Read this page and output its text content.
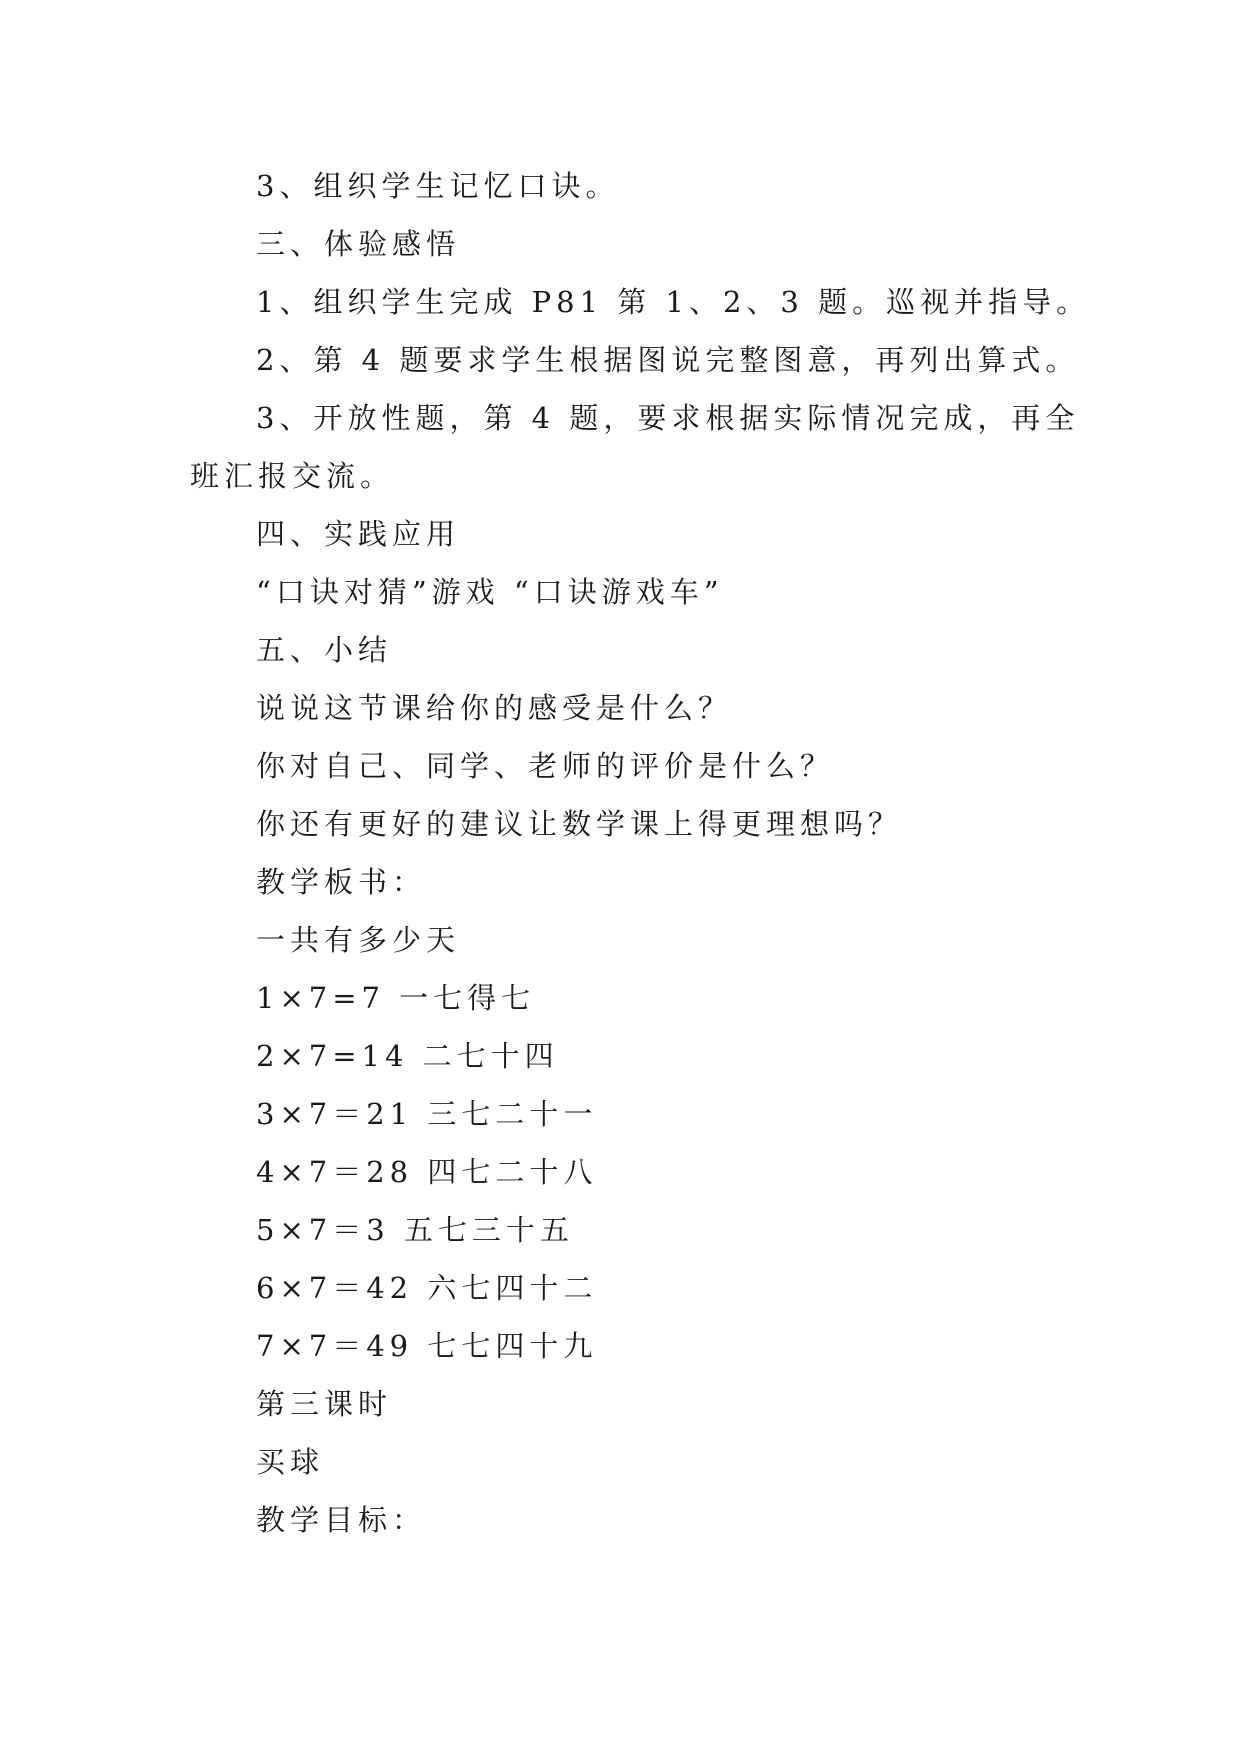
3、组织学生记忆口诀。
三、体验感悟
1、组织学生完成 P81 第 1、2、3 题。巡视并指导。
2、第 4 题要求学生根据图说完整图意，再列出算式。
3、开放性题，第 4 题，要求根据实际情况完成，再全
班汇报交流。
四、实践应用
“口诀对猜”游戏 “口诀游戏车”
五、小结
说说这节课给你的感受是什么？
你对自己、同学、老师的评价是什么？
你还有更好的建议让数学课上得更理想吗？
教学板书：
一共有多少天
1×7=7 一七得七
2×7=14 二七十四
3×7＝21 三七二十一
4×7＝28 四七二十八
5×7＝3 五七三十五
6×7＝42 六七四十二
7×7＝49 七七四十九
第三课时
买球
教学目标：
